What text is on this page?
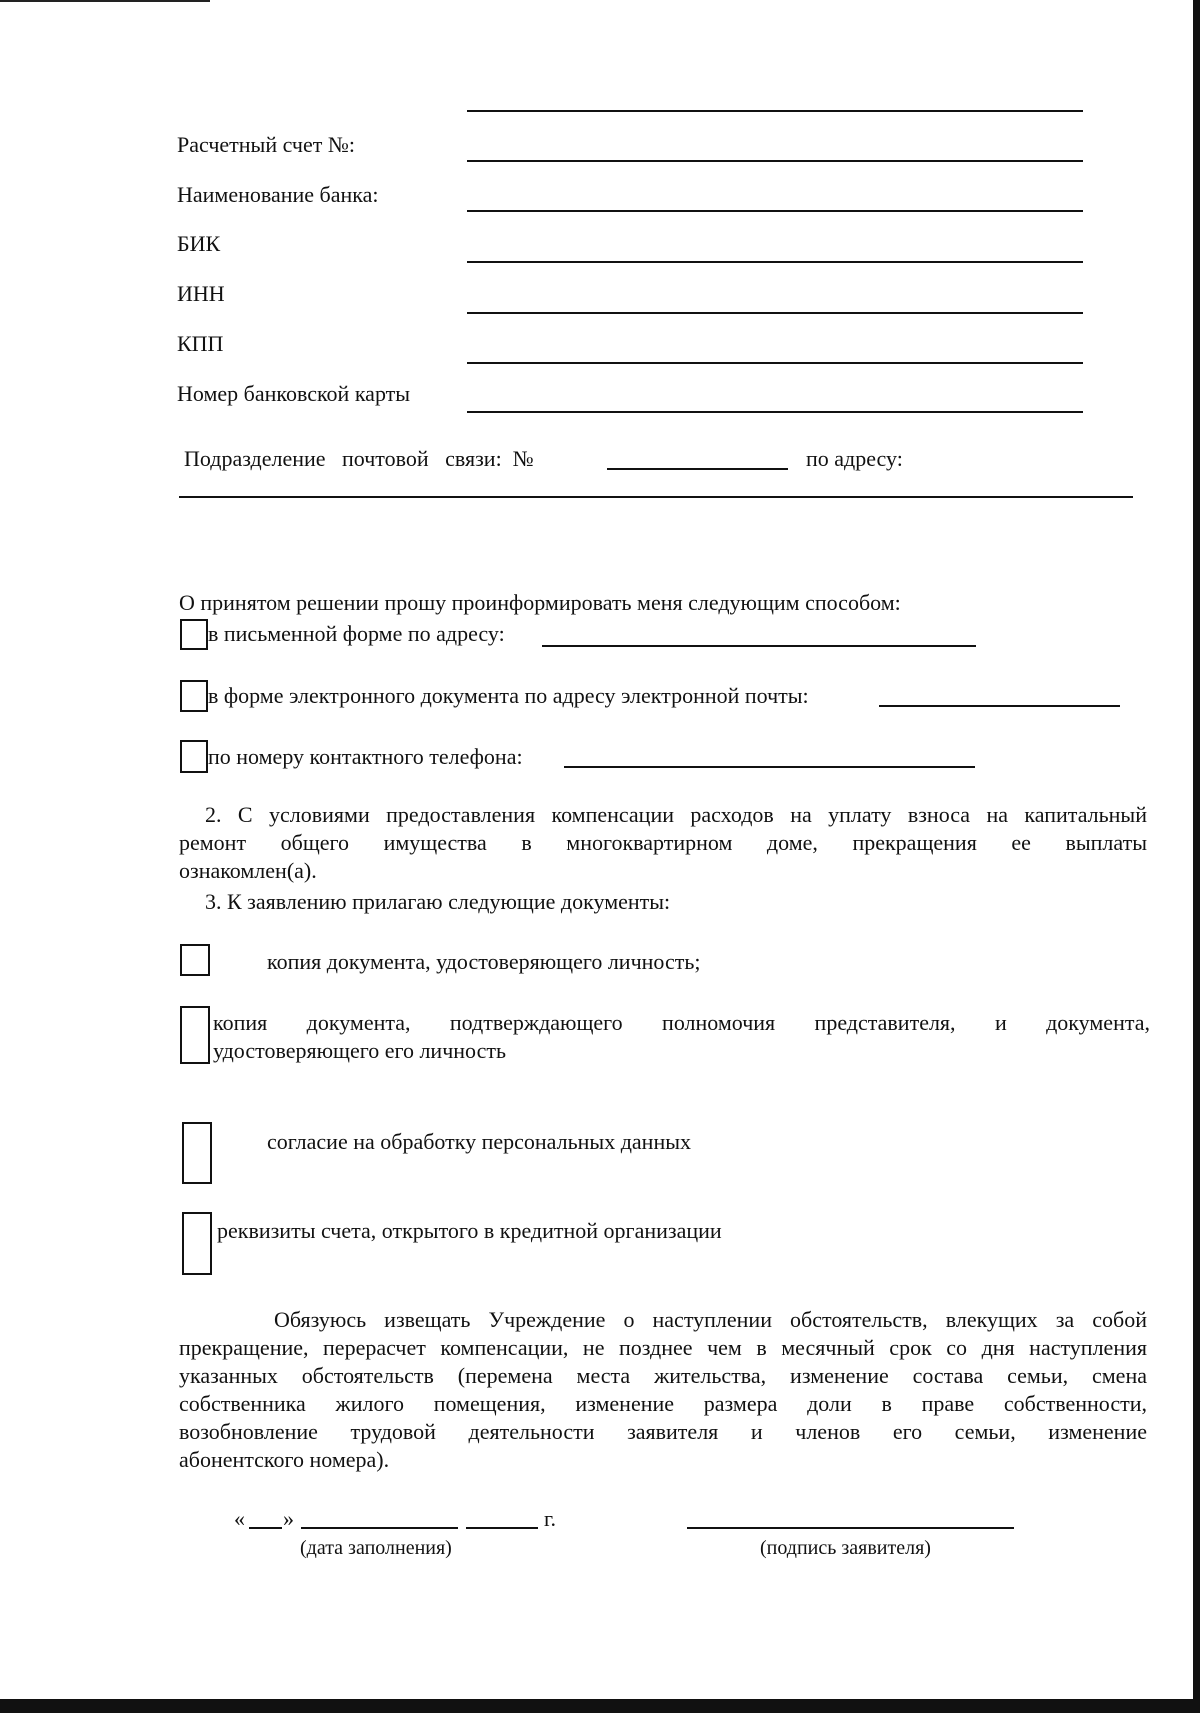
Расчетный счет №:
Наименование банка:
БИК
ИНН
КПП
Номер банковской карты
Подразделение   почтовой   связи:  №	по адресу:
О принятом решении прошу проинформировать меня следующим способом:
в письменной форме по адресу:
в форме электронного документа по адресу электронной почты:
по номеру контактного телефона:
2. С условиями предоставления компенсации расходов на уплату взноса на капитальный
ремонт общего имущества в многоквартирном доме, прекращения ее выплаты
ознакомлен(а).
3. К заявлению прилагаю следующие документы:
копия документа, удостоверяющего личность;
копия документа, подтверждающего полномочия представителя, и документа,
удостоверяющего его личность
согласие на обработку персональных данных
реквизиты счета, открытого в кредитной организации
Обязуюсь извещать Учреждение о наступлении обстоятельств, влекущих за собой
прекращение, перерасчет компенсации, не позднее чем в месячный срок со дня наступления
указанных обстоятельств (перемена места жительства, изменение состава семьи, смена
собственника жилого помещения, изменение размера доли в праве собственности,
возобновление трудовой деятельности заявителя и членов его семьи, изменение
абонентского номера).
« »	г.
(дата заполнения)	(подпись заявителя)
